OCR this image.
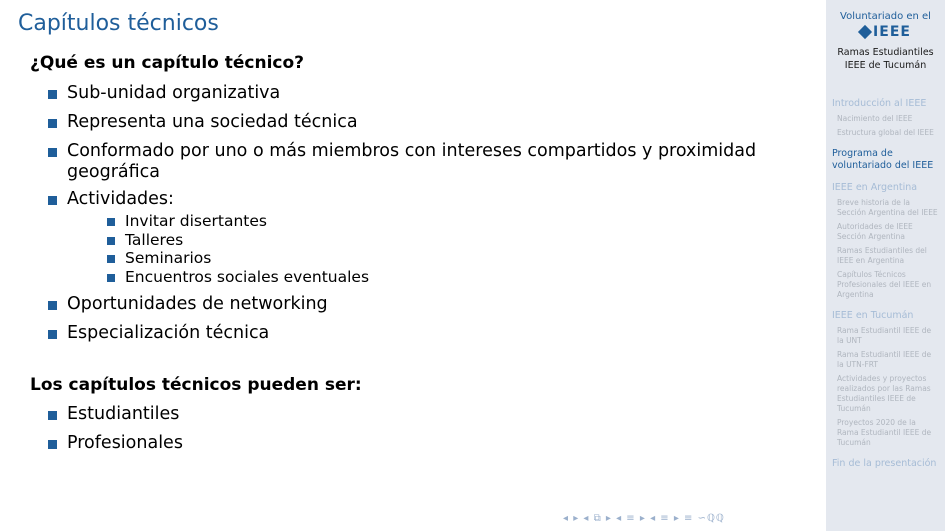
Capítulos técnicos
¿Qué es un capítulo técnico?
Sub-unidad organizativa
Representa una sociedad técnica
Conformado por uno o más miembros con intereses compartidos y proximidad geográfica
Actividades:
Invitar disertantes
Talleres
Seminarios
Encuentros sociales eventuales
Oportunidades de networking
Especialización técnica
Los capítulos técnicos pueden ser:
Estudiantiles
Profesionales
◂ ▸ ◂ ⧉ ▸ ◂ ≡ ▸ ◂ ≡ ▸ ≡ ∽ℚℚ
Voluntariado en el
IEEE
Ramas Estudiantiles
IEEE de Tucumán
Introducción al IEEE
Nacimiento del IEEE
Estructura global del IEEE
Programa de voluntariado del IEEE
IEEE en Argentina
Breve historia de la Sección Argentina del IEEE
Autoridades de IEEE Sección Argentina
Ramas Estudiantiles del IEEE en Argentina
Capítulos Técnicos Profesionales del IEEE en Argentina
IEEE en Tucumán
Rama Estudiantil IEEE de la UNT
Rama Estudiantil IEEE de la UTN-FRT
Actividades y proyectos realizados por las Ramas Estudiantiles IEEE de Tucumán
Proyectos 2020 de la Rama Estudiantil IEEE de Tucumán
Fin de la presentación
